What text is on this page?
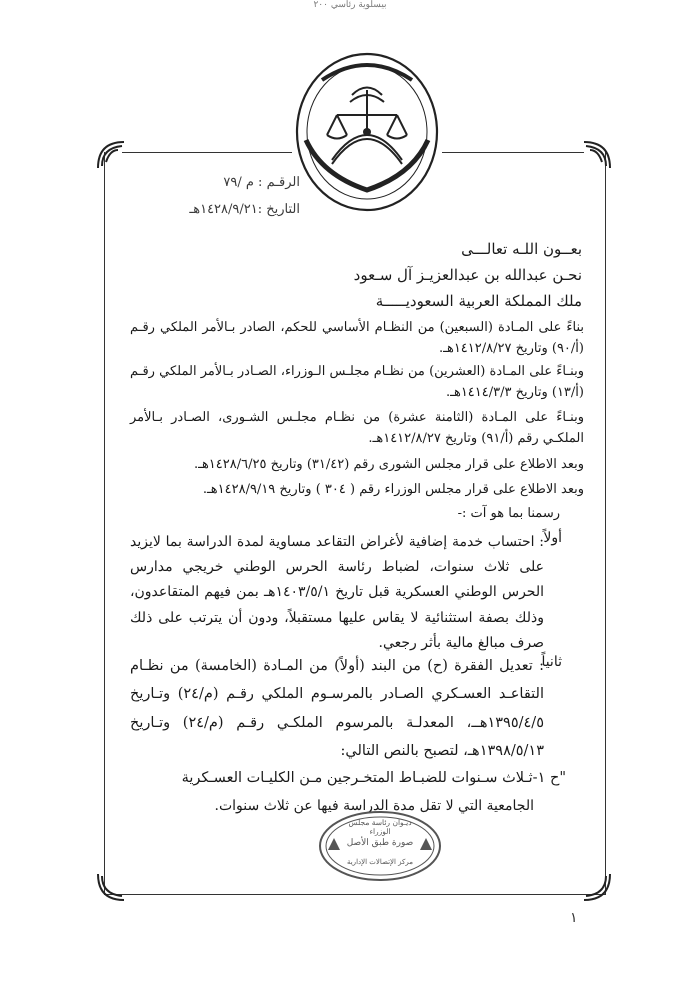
بيسلوية رئاسي ٢٠٠
الرقـم : م /٧٩
التاريخ :١٤٢٨/٩/٢١هـ
بعــون اللـه تعالـــى
نحـن عبدالله بن عبدالعزيـز آل سـعود
ملك المملكة العربية السعوديـــــة
بناءً على المـادة (السبعين) من النظـام الأساسي للحكم، الصادر بـالأمر الملكي رقـم (أ/٩٠) وتاريخ ١٤١٢/٨/٢٧هـ.
وبنـاءً على المـادة (العشرين) من نظـام مجلـس الـوزراء، الصـادر بـالأمر الملكي رقـم (أ/١٣) وتاريخ ١٤١٤/٣/٣هـ.
وبنـاءً على المـادة (الثامنة عشرة) من نظـام مجلـس الشـورى، الصـادر بـالأمر الملكـي رقم (أ/٩١) وتاريخ ١٤١٢/٨/٢٧هـ.
وبعد الاطلاع على قرار مجلس الشورى رقم (٣١/٤٢) وتاريخ ١٤٢٨/٦/٢٥هـ.
وبعد الاطلاع على قرار مجلس الوزراء رقم ( ٣٠٤ ) وتاريخ ١٤٢٨/٩/١٩هـ.
رسمنا بما هو آت :-
أولاً
: احتساب خدمة إضافية لأغراض التقاعد مساوية لمدة الدراسة بما لايزيد على ثلاث سنوات، لضباط رئاسة الحرس الوطني خريجي مدارس الحرس الوطني العسكرية قبل تاريخ ١٤٠٣/٥/١هـ بمن فيهم المتقاعدون، وذلك بصفة استثنائية لا يقاس عليها مستقبلاً، ودون أن يترتب على ذلك صرف مبالغ مالية بأثر رجعي.
ثانياً
: تعديل الفقرة (ح) من البند (أولاً) من المـادة (الخامسة) من نظـام التقاعـد العسـكري الصـادر بالمرسـوم الملكي رقـم (م/٢٤) وتـاريخ ١٣٩٥/٤/٥هــ، المعدلـة بالمرسوم الملكـي رقـم (م/٢٤) وتـاريخ ١٣٩٨/٥/١٣هـ، لتصبح بالنص التالي:
"ح ١-ثـلاث سـنوات للضبـاط المتخـرجين مـن الكليـات العسـكرية
الجامعية التي لا تقل مدة الدراسة فيها عن ثلاث سنوات.
ديـوان رئاسة مجلس الوزراء
صورة طبق الأصل
مركز الإتصالات الإدارية
١
